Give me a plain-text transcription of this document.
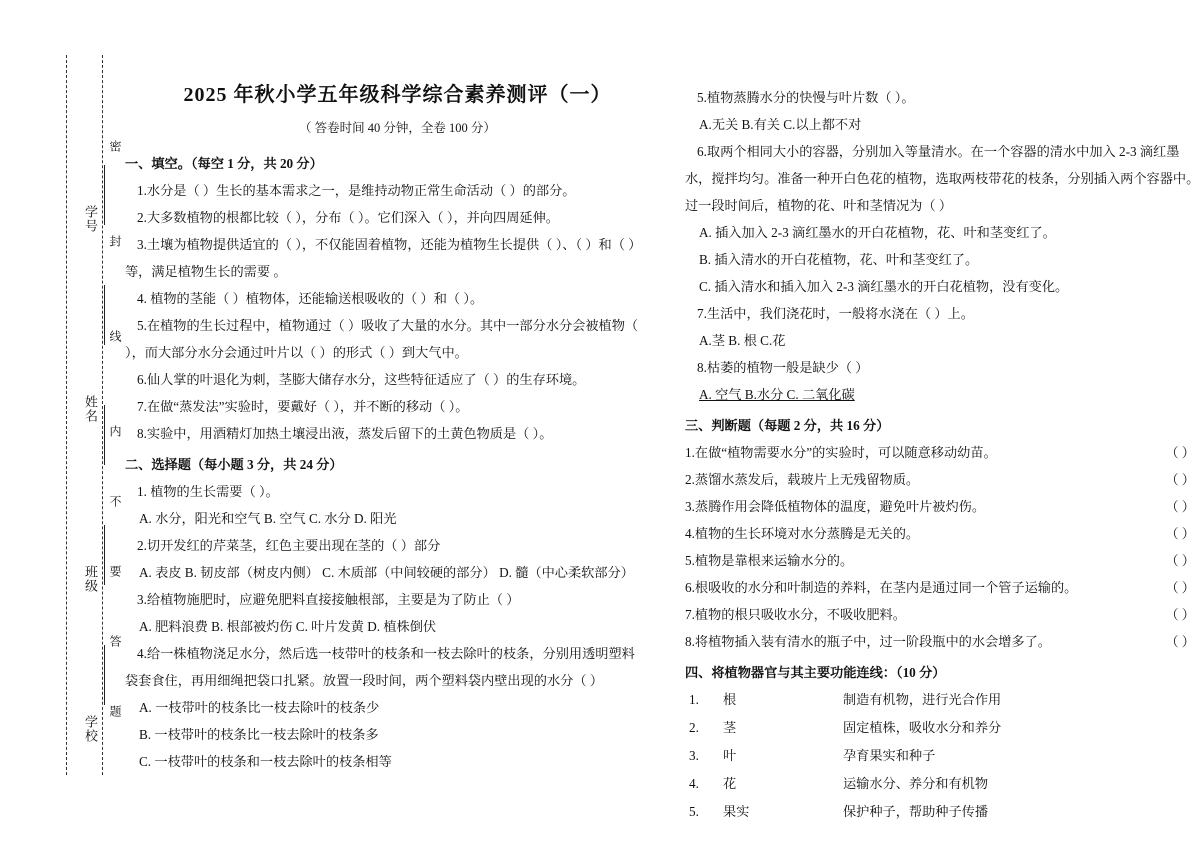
学号
姓名
班级
学校
密
封
线
内
不
要
答
题
2025 年秋小学五年级科学综合素养测评（一）
（ 答卷时间 40 分钟，全卷 100 分）
一、填空。（每空 1 分，共 20 分）

1.水分是（ ）生长的基本需求之一，是维持动物正常生命活动（ ）的部分。

2.大多数植物的根都比较（ ），分布（ ）。它们深入（ ），并向四周延伸。

3.土壤为植物提供适宜的（ ），不仅能固着植物，还能为植物生长提供（ ）、（ ）和（ ）等，满足植物生长的需要 。

4. 植物的茎能（ ）植物体，还能输送根吸收的（ ）和（ ）。

5.在植物的生长过程中，植物通过（ ）吸收了大量的水分。其中一部分水分会被植物（ ），而大部分水分会通过叶片以（ ）的形式（ ）到大气中。

6.仙人掌的叶退化为刺，茎膨大储存水分，这些特征适应了（ ）的生存环境。

7.在做“蒸发法”实验时，要戴好（ ），并不断的移动（ ）。

8.实验中，用酒精灯加热土壤浸出液，蒸发后留下的土黄色物质是（ ）。

二、选择题（每小题 3 分，共 24 分）

1. 植物的生长需要（ ）。

A. 水分，阳光和空气 B. 空气 C. 水分 D. 阳光

2.切开发红的芹菜茎，红色主要出现在茎的（ ）部分

A. 表皮 B. 韧皮部（树皮内侧） C. 木质部（中间较硬的部分） D. 髓（中心柔软部分）

3.给植物施肥时，应避免肥料直接接触根部，主要是为了防止（ ）

A. 肥料浪费 B. 根部被灼伤 C. 叶片发黄 D. 植株倒伏

4.给一株植物浇足水分，然后选一枝带叶的枝条和一枝去除叶的枝条，分别用透明塑料袋套食住，再用细绳把袋口扎紧。放置一段时间，两个塑料袋内壁出现的水分（ ）

A. 一枝带叶的枝条比一枝去除叶的枝条少

B. 一枝带叶的枝条比一枝去除叶的枝条多

C. 一枝带叶的枝条和一枝去除叶的枝条相等

5.植物蒸腾水分的快慢与叶片数（ ）。

A.无关 B.有关 C.以上都不对

6.取两个相同大小的容器，分别加入等量清水。在一个容器的清水中加入 2-3 滴红墨水，搅拌均匀。准备一种开白色花的植物，选取两枝带花的枝条，分别插入两个容器中。过一段时间后，植物的花、叶和茎情况为（ ）

A. 插入加入 2-3 滴红墨水的开白花植物，花、叶和茎变红了。

B. 插入清水的开白花植物，花、叶和茎变红了。

C. 插入清水和插入加入 2-3 滴红墨水的开白花植物，没有变化。

7.生活中，我们浇花时，一般将水浇在（ ）上。

A.茎 B. 根 C.花

8.枯萎的植物一般是缺少（ ）

A. 空气 B.水分 C. 二氧化碳

三、判断题（每题 2 分，共 16 分）

1.在做“植物需要水分”的实验时，可以随意移动幼苗。	（ ）

2.蒸馏水蒸发后，载玻片上无残留物质。	（ ）

3.蒸腾作用会降低植物体的温度，避免叶片被灼伤。	（ ）

4.植物的生长环境对水分蒸腾是无关的。	（ ）

5.植物是靠根来运输水分的。	（ ）

6.根吸收的水分和叶制造的养料，在茎内是通过同一个管子运输的。	（ ）

7.植物的根只吸收水分，不吸收肥料。	（ ）

8.将植物插入装有清水的瓶子中，过一阶段瓶中的水会增多了。	（ ）

四、将植物器官与其主要功能连线：（10 分）
1.	根	制造有机物，进行光合作用
2.	茎	固定植株，吸收水分和养分
3.	叶	孕育果实和种子
4.	花	运输水分、养分和有机物
5.	果实	保护种子，帮助种子传播
